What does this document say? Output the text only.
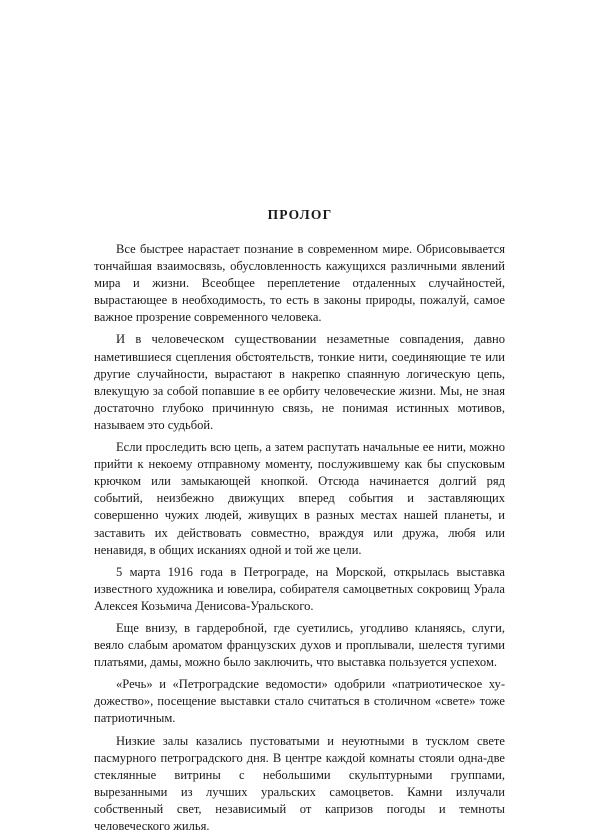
ПРОЛОГ

Все быстрее нарастает познание в современном мире. Обрисовывается тончайшая взаимосвязь, обусловленность кажущихся различными явлений мира и жизни. Всеобщее переплетение отдаленных случайностей, вырастающее в необходимость, то есть в законы природы, пожалуй, самое важное прозрение современного человека.

И в человеческом существовании незаметные совпадения, давно наметившиеся сцепления обстоятельств, тонкие нити, соединяющие те или другие случайности, вырастают в накрепко спаянную логическую цепь, влекущую за собой попавшие в ее орбиту человеческие жизни. Мы, не зная достаточно глубоко причинную связь, не понимая истинных мотивов, называем это судьбой.

Если проследить всю цепь, а затем распутать начальные ее нити, можно прийти к некоему отправному моменту, послужившему как бы спусковым крючком или замыкающей кнопкой. Отсюда начинается долгий ряд событий, неизбежно движущих вперед события и заставляющих совершенно чужих людей, живущих в разных местах нашей планеты, и заставить их действовать совместно, враждуя или дружа, любя или ненавидя, в общих исканиях одной и той же цели.

5 марта 1916 года в Петрограде, на Морской, открылась выставка известного художника и ювелира, собирателя самоцветных сокровищ Урала Алексея Козьмича Денисова-Уральского.

Еще внизу, в гардеробной, где суетились, угодливо кланяясь, слуги, веяло слабым ароматом французских духов и проплывали, шелестя тугими платьями, дамы, можно было заключить, что выставка пользуется успехом.

«Речь» и «Петроградские ведомости» одобрили «патриотическое художество», посещение выставки стало считаться в столичном «свете» тоже патриотичным.

Низкие залы казались пустоватыми и неуютными в тусклом свете пасмурного петроградского дня. В центре каждой комнаты стояли одна-две стеклянные витрины с небольшими скульптурными группами, вырезанными из лучших уральских самоцветов. Камни излучали собственный свет, независимый от капризов погоды и темноты человеческого жилья.
